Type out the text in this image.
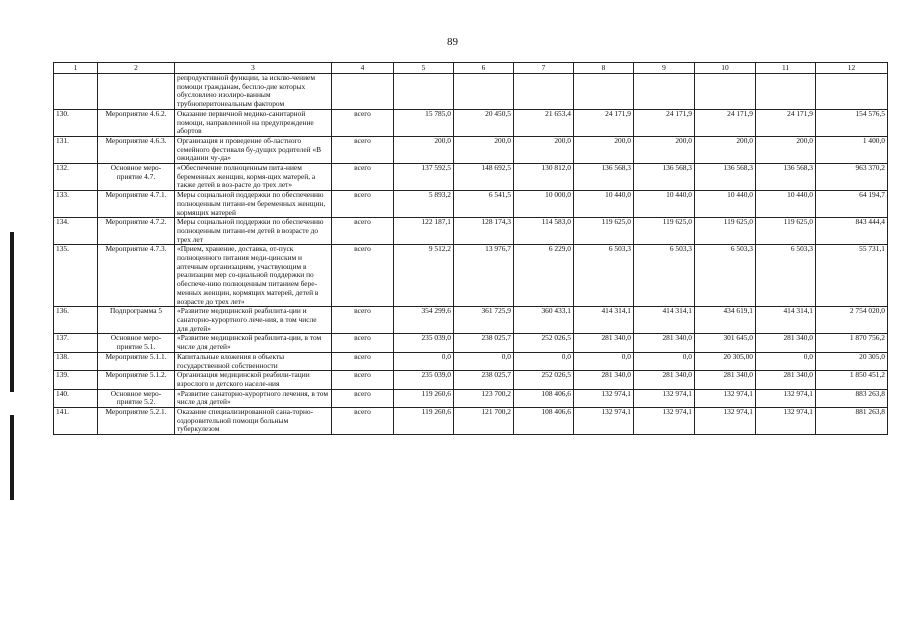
89
1	2	3	4	5	6	7	8	9	10	11	12
		репродуктивной функции, за исклю-чением помощи гражданам, беспло-дие которых обусловлено изолиро-ванным трубноперитонеальным фактором									
130.	Мероприятие 4.6.2.	Оказание первичной медико-санитарной помощи, направленной на предупреждение абортов	всего	15 785,0	20 450,5	21 653,4	24 171,9	24 171,9	24 171,9	24 171,9	154 576,5
131.	Мероприятие 4.6.3.	Организация и проведение об-ластного семейного фестиваля бу-дущих родителей «В ожидании чу-да»	всего	200,0	200,0	200,0	200,0	200,0	200,0	200,0	1 400,0
132.	Основное меро-приятие 4.7.	«Обеспечение полноценным пита-нием беременных женщин, кормя-щих матерей, а также детей в воз-расте до трех лет»	всего	137 592,5	148 692,5	130 812,0	136 568,3	136 568,3	136 568,3	136 568,3	963 370,2
133.	Мероприятие 4.7.1.	Меры социальной поддержки по обеспечению полноценным питани-ем беременных женщин, кормящих матерей	всего	5 893,2	6 541,5	10 000,0	10 440,0	10 440,0	10 440,0	10 440,0	64 194,7
134.	Мероприятие 4.7.2.	Меры социальной поддержки по обеспечению полноценным питани-ем детей в возрасте до трех лет	всего	122 187,1	128 174,3	114 583,0	119 625,0	119 625,0	119 625,0	119 625,0	843 444,4
135.	Мероприятие 4.7.3.	«Прием, хранение, доставка, от-пуск полноценного питания меди-цинским и аптечным организациям, участвующим в реализации мер со-циальной поддержки по обеспече-нию полноценным питанием бере-менных женщин, кормящих матерей, детей в возрасте до трех лет»	всего	9 512,2	13 976,7	6 229,0	6 503,3	6 503,3	6 503,3	6 503,3	55 731,1
136.	Подпрограмма 5	«Развитие медицинской реабилита-ции и санаторно-курортного лече-ния, в том числе для детей»	всего	354 299,6	361 725,9	360 433,1	414 314,1	414 314,1	434 619,1	414 314,1	2 754 020,0
137.	Основное меро-приятие 5.1.	«Развитие медицинской реабилита-ции, в том числе для детей»	всего	235 039,0	238 025,7	252 026,5	281 340,0	281 340,0	301 645,0	281 340,0	1 870 756,2
138.	Мероприятие 5.1.1.	Капитальные вложения в объекты государственной собственности	всего	0,0	0,0	0,0	0,0	0,0	20 305,00	0,0	20 305,0
139.	Мероприятие 5.1.2.	Организация медицинской реабили-тации взрослого и детского населе-ния	всего	235 039,0	238 025,7	252 026,5	281 340,0	281 340,0	281 340,0	281 340,0	1 850 451,2
140.	Основное меро-приятие 5.2.	«Развитие санаторно-курортного лечения, в том числе для детей»	всего	119 260,6	123 700,2	108 406,6	132 974,1	132 974,1	132 974,1	132 974,1	883 263,8
141.	Мероприятие 5.2.1.	Оказание специализированной сана-торно-оздоровительной помощи больным туберкулезом	всего	119 260,6	121 700,2	108 406,6	132 974,1	132 974,1	132 974,1	132 974,1	881 263,8
